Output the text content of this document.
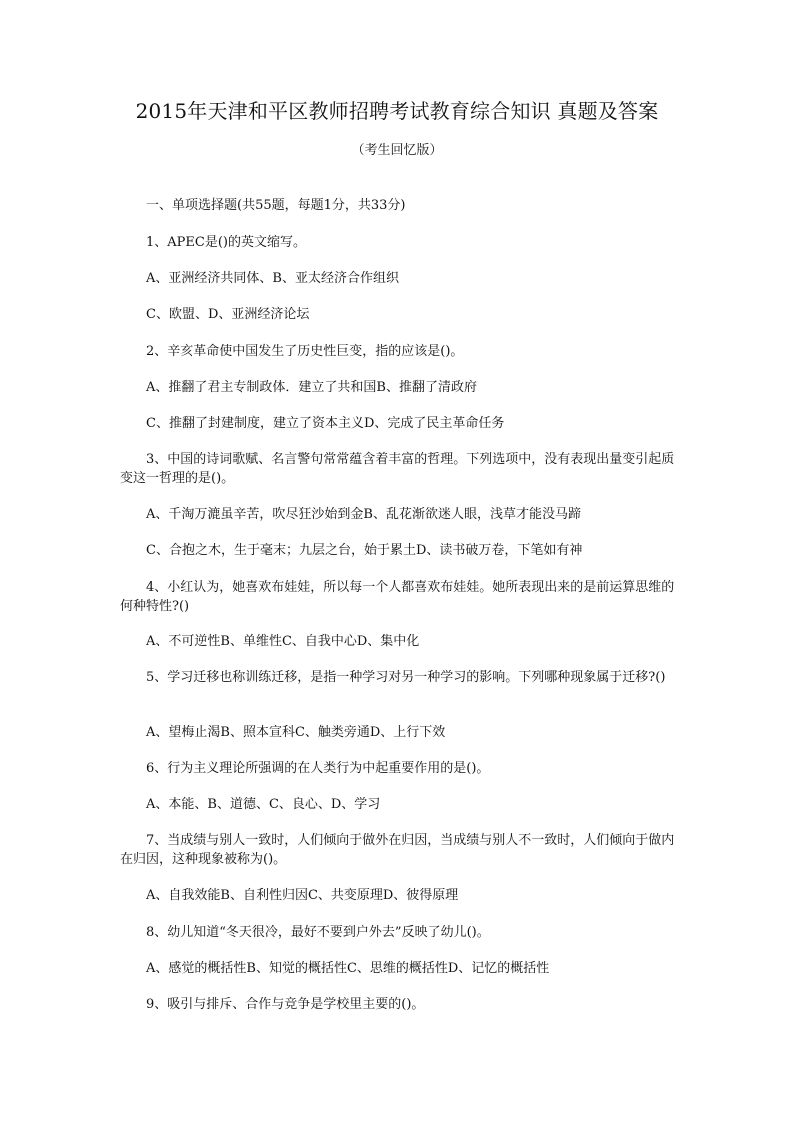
2015年天津和平区教师招聘考试教育综合知识 真题及答案
（考生回忆版）

一、单项选择题(共55题，每题1分，共33分)

1、APEC是()的英文缩写。

A、亚洲经济共同体、B、亚太经济合作组织

C、欧盟、D、亚洲经济论坛

2、辛亥革命使中国发生了历史性巨变，指的应该是()。

A、推翻了君主专制政体．建立了共和国B、推翻了清政府

C、推翻了封建制度，建立了资本主义D、完成了民主革命任务

3、中国的诗词歌赋、名言警句常常蕴含着丰富的哲理。下列选项中，没有表现出量变引起质变这一哲理的是()。

A、千淘万漉虽辛苦，吹尽狂沙始到金B、乱花渐欲迷人眼，浅草才能没马蹄

C、合抱之木，生于毫末；九层之台，始于累土D、读书破万卷，下笔如有神

4、小红认为，她喜欢布娃娃，所以每一个人都喜欢布娃娃。她所表现出来的是前运算思维的何种特性?()

A、不可逆性B、单维性C、自我中心D、集中化

5、学习迁移也称训练迁移，是指一种学习对另一种学习的影响。下列哪种现象属于迁移?()

A、望梅止渴B、照本宣科C、触类旁通D、上行下效

6、行为主义理论所强调的在人类行为中起重要作用的是()。

A、本能、B、道德、C、良心、D、学习

7、当成绩与别人一致时，人们倾向于做外在归因，当成绩与别人不一致时，人们倾向于做内在归因，这种现象被称为()。

A、自我效能B、自利性归因C、共变原理D、彼得原理

8、幼儿知道“冬天很冷，最好不要到户外去”反映了幼儿()。

A、感觉的概括性B、知觉的概括性C、思维的概括性D、记忆的概括性

9、吸引与排斥、合作与竞争是学校里主要的()。
